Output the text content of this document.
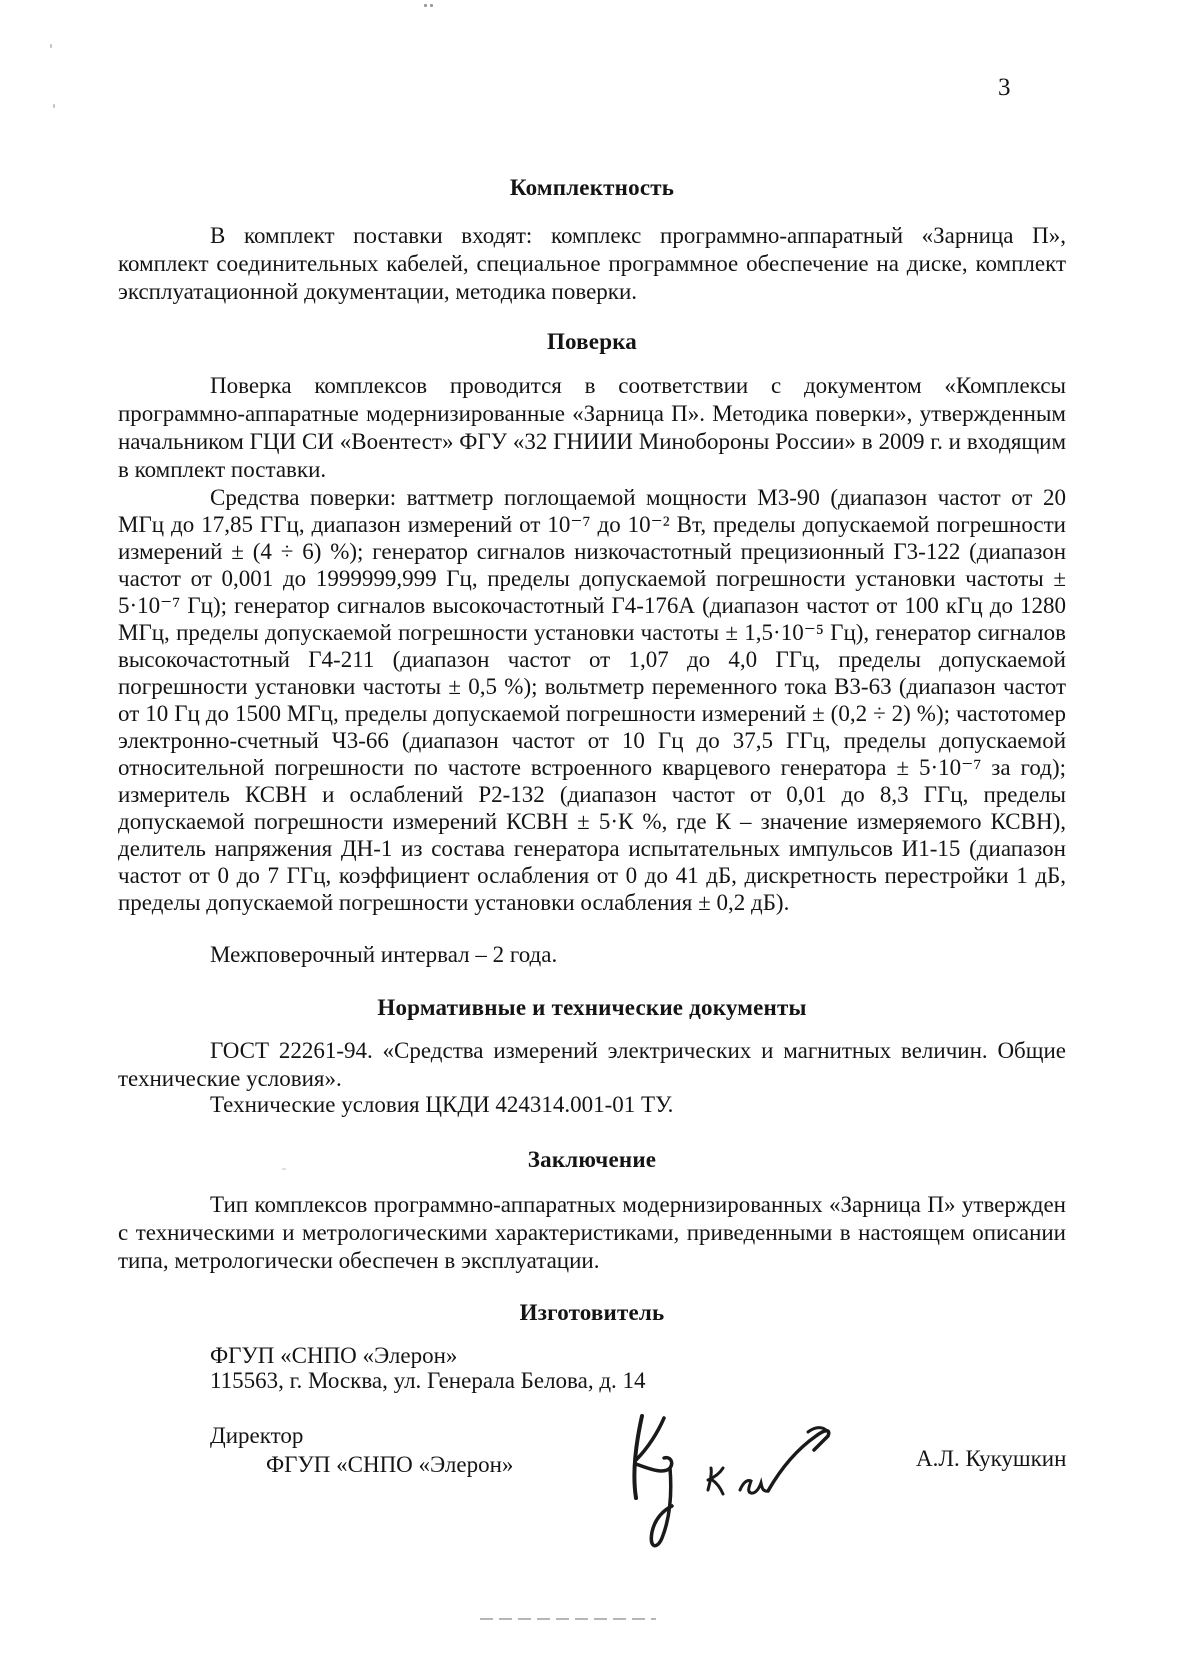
3
Комплектность
В комплект поставки входят: комплекс программно-аппаратный «Зарница П», комплект соединительных кабелей, специальное программное обеспечение на диске, комплект эксплуатационной документации, методика поверки.
Поверка
Поверка комплексов проводится в соответствии с документом «Комплексы программно-аппаратные модернизированные «Зарница П». Методика поверки», утвержденным начальником ГЦИ СИ «Воентест» ФГУ «32 ГНИИИ Минобороны России» в 2009 г. и входящим в комплект поставки.
Средства поверки: ваттметр поглощаемой мощности М3-90 (диапазон частот от 20 МГц до 17,85 ГГц, диапазон измерений от 10⁻⁷ до 10⁻² Вт, пределы допускаемой погрешности измерений ± (4 ÷ 6) %); генератор сигналов низкочастотный прецизионный Г3-122 (диапазон частот от 0,001 до 1999999,999 Гц, пределы допускаемой погрешности установки частоты ± 5·10⁻⁷ Гц); генератор сигналов высокочастотный Г4-176А (диапазон частот от 100 кГц до 1280 МГц, пределы допускаемой погрешности установки частоты ± 1,5·10⁻⁵ Гц), генератор сигналов высокочастотный Г4-211 (диапазон частот от 1,07 до 4,0 ГГц, пределы допускаемой погрешности установки частоты ± 0,5 %); вольтметр переменного тока В3-63 (диапазон частот от 10 Гц до 1500 МГц, пределы допускаемой погрешности измерений ± (0,2 ÷ 2) %); частотомер электронно-счетный Ч3-66 (диапазон частот от 10 Гц до 37,5 ГГц, пределы допускаемой относительной погрешности по частоте встроенного кварцевого генератора ± 5·10⁻⁷ за год); измеритель КСВН и ослаблений Р2-132 (диапазон частот от 0,01 до 8,3 ГГц, пределы допускаемой погрешности измерений КСВН ± 5·К %, где К – значение измеряемого КСВН), делитель напряжения ДН-1 из состава генератора испытательных импульсов И1-15 (диапазон частот от 0 до 7 ГГц, коэффициент ослабления от 0 до 41 дБ, дискретность перестройки 1 дБ, пределы допускаемой погрешности установки ослабления ± 0,2 дБ).
Межповерочный интервал – 2 года.
Нормативные и технические документы
ГОСТ 22261-94. «Средства измерений электрических и магнитных величин. Общие технические условия».
Технические условия ЦКДИ 424314.001-01 ТУ.
Заключение
Тип комплексов программно-аппаратных модернизированных «Зарница П» утвержден с техническими и метрологическими характеристиками, приведенными в настоящем описании типа, метрологически обеспечен в эксплуатации.
Изготовитель
ФГУП «СНПО «Элерон»
115563, г. Москва, ул. Генерала Белова, д. 14
Директор
ФГУП «СНПО «Элерон»	А.Л. Кукушкин
